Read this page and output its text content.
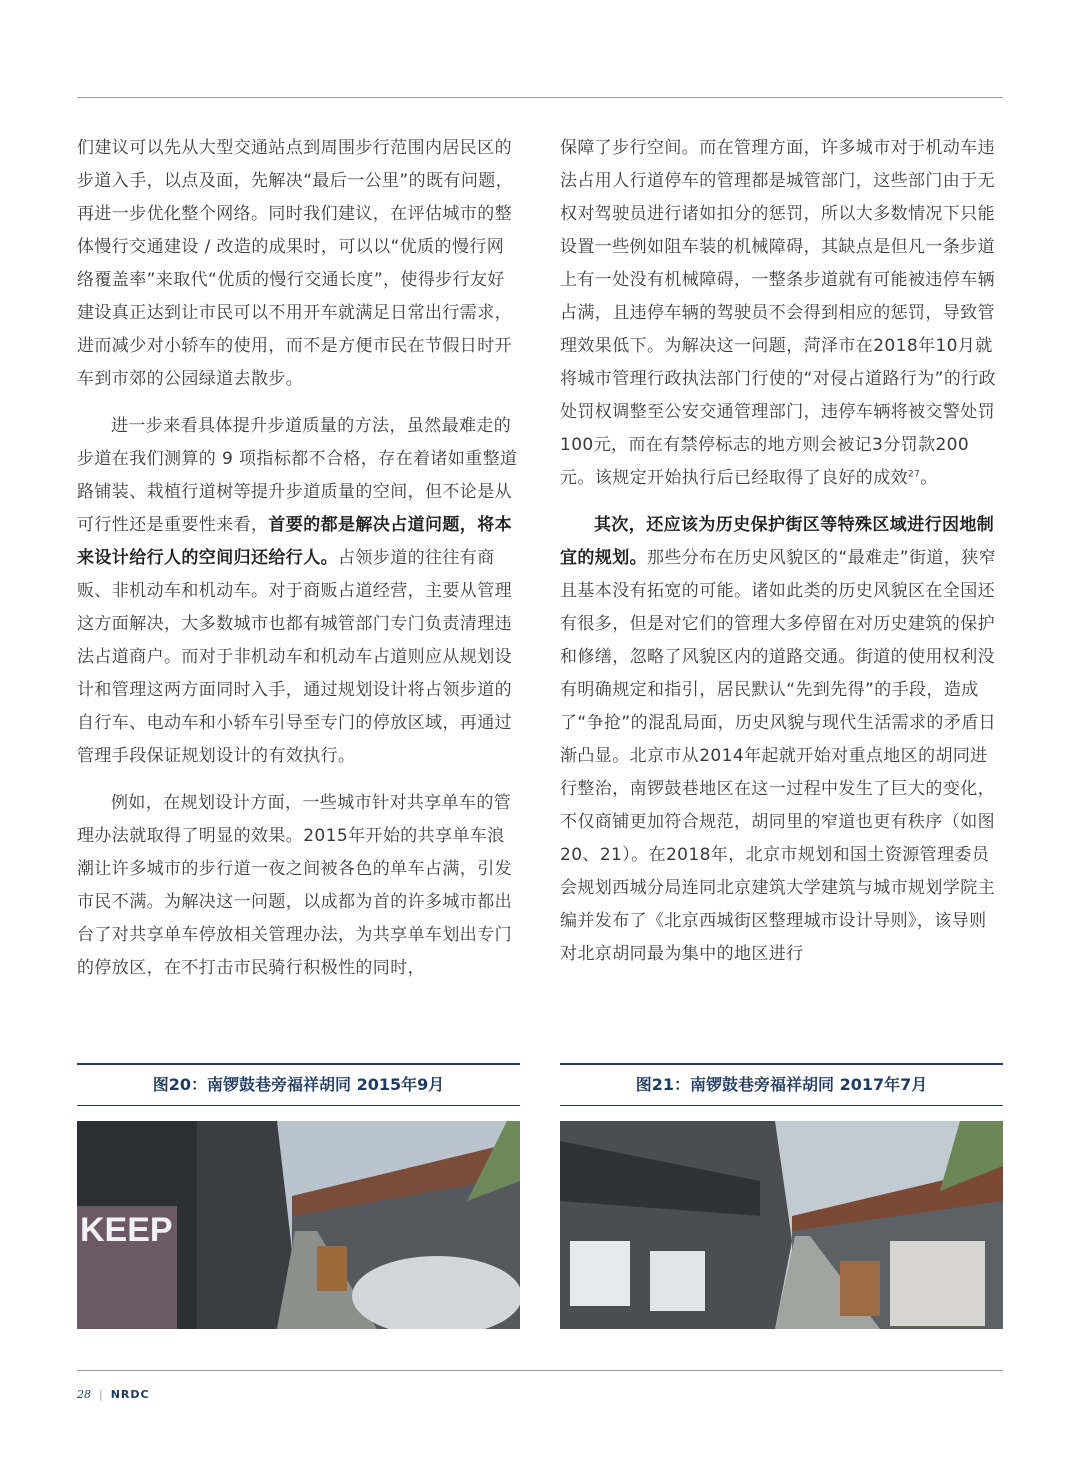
们建议可以先从大型交通站点到周围步行范围内居民区的步道入手，以点及面，先解决“最后一公里”的既有问题，再进一步优化整个网络。同时我们建议，在评估城市的整体慢行交通建设 / 改造的成果时，可以以“优质的慢行网络覆盖率”来取代“优质的慢行交通长度”，使得步行友好建设真正达到让市民可以不用开车就满足日常出行需求，进而减少对小轿车的使用，而不是方便市民在节假日时开车到市郊的公园绿道去散步。

进一步来看具体提升步道质量的方法，虽然最难走的步道在我们测算的 9 项指标都不合格，存在着诸如重整道路铺装、栽植行道树等提升步道质量的空间，但不论是从可行性还是重要性来看，首要的都是解决占道问题，将本来设计给行人的空间归还给行人。占领步道的往往有商贩、非机动车和机动车。对于商贩占道经营，主要从管理这方面解决，大多数城市也都有城管部门专门负责清理违法占道商户。而对于非机动车和机动车占道则应从规划设计和管理这两方面同时入手，通过规划设计将占领步道的自行车、电动车和小轿车引导至专门的停放区域，再通过管理手段保证规划设计的有效执行。

例如，在规划设计方面，一些城市针对共享单车的管理办法就取得了明显的效果。2015年开始的共享单车浪潮让许多城市的步行道一夜之间被各色的单车占满，引发市民不满。为解决这一问题，以成都为首的许多城市都出台了对共享单车停放相关管理办法，为共享单车划出专门的停放区，在不打击市民骑行积极性的同时，

保障了步行空间。而在管理方面，许多城市对于机动车违法占用人行道停车的管理都是城管部门，这些部门由于无权对驾驶员进行诸如扣分的惩罚，所以大多数情况下只能设置一些例如阻车装的机械障碍，其缺点是但凡一条步道上有一处没有机械障碍，一整条步道就有可能被违停车辆占满，且违停车辆的驾驶员不会得到相应的惩罚，导致管理效果低下。为解决这一问题，菏泽市在2018年10月就将城市管理行政执法部门行使的“对侵占道路行为”的行政处罚权调整至公安交通管理部门，违停车辆将被交警处罚100元，而在有禁停标志的地方则会被记3分罚款200元。该规定开始执行后已经取得了良好的成效$^{27}$。

其次，还应该为历史保护街区等特殊区域进行因地制宜的规划。那些分布在历史风貌区的“最难走”街道，狭窄且基本没有拓宽的可能。诸如此类的历史风貌区在全国还有很多，但是对它们的管理大多停留在对历史建筑的保护和修缮，忽略了风貌区内的道路交通。街道的使用权利没有明确规定和指引，居民默认“先到先得”的手段，造成了“争抢”的混乱局面，历史风貌与现代生活需求的矛盾日渐凸显。北京市从2014年起就开始对重点地区的胡同进行整治，南锣鼓巷地区在这一过程中发生了巨大的变化，不仅商铺更加符合规范，胡同里的窄道也更有秩序（如图20、21）。在2018年，北京市规划和国土资源管理委员会规划西城分局连同北京建筑大学建筑与城市规划学院主编并发布了《北京西城街区整理城市设计导则》，该导则对北京胡同最为集中的地区进行

图20：南锣鼓巷旁福祥胡同 2015年9月
KEEP
图21：南锣鼓巷旁福祥胡同 2017年7月
28 | NRDC
